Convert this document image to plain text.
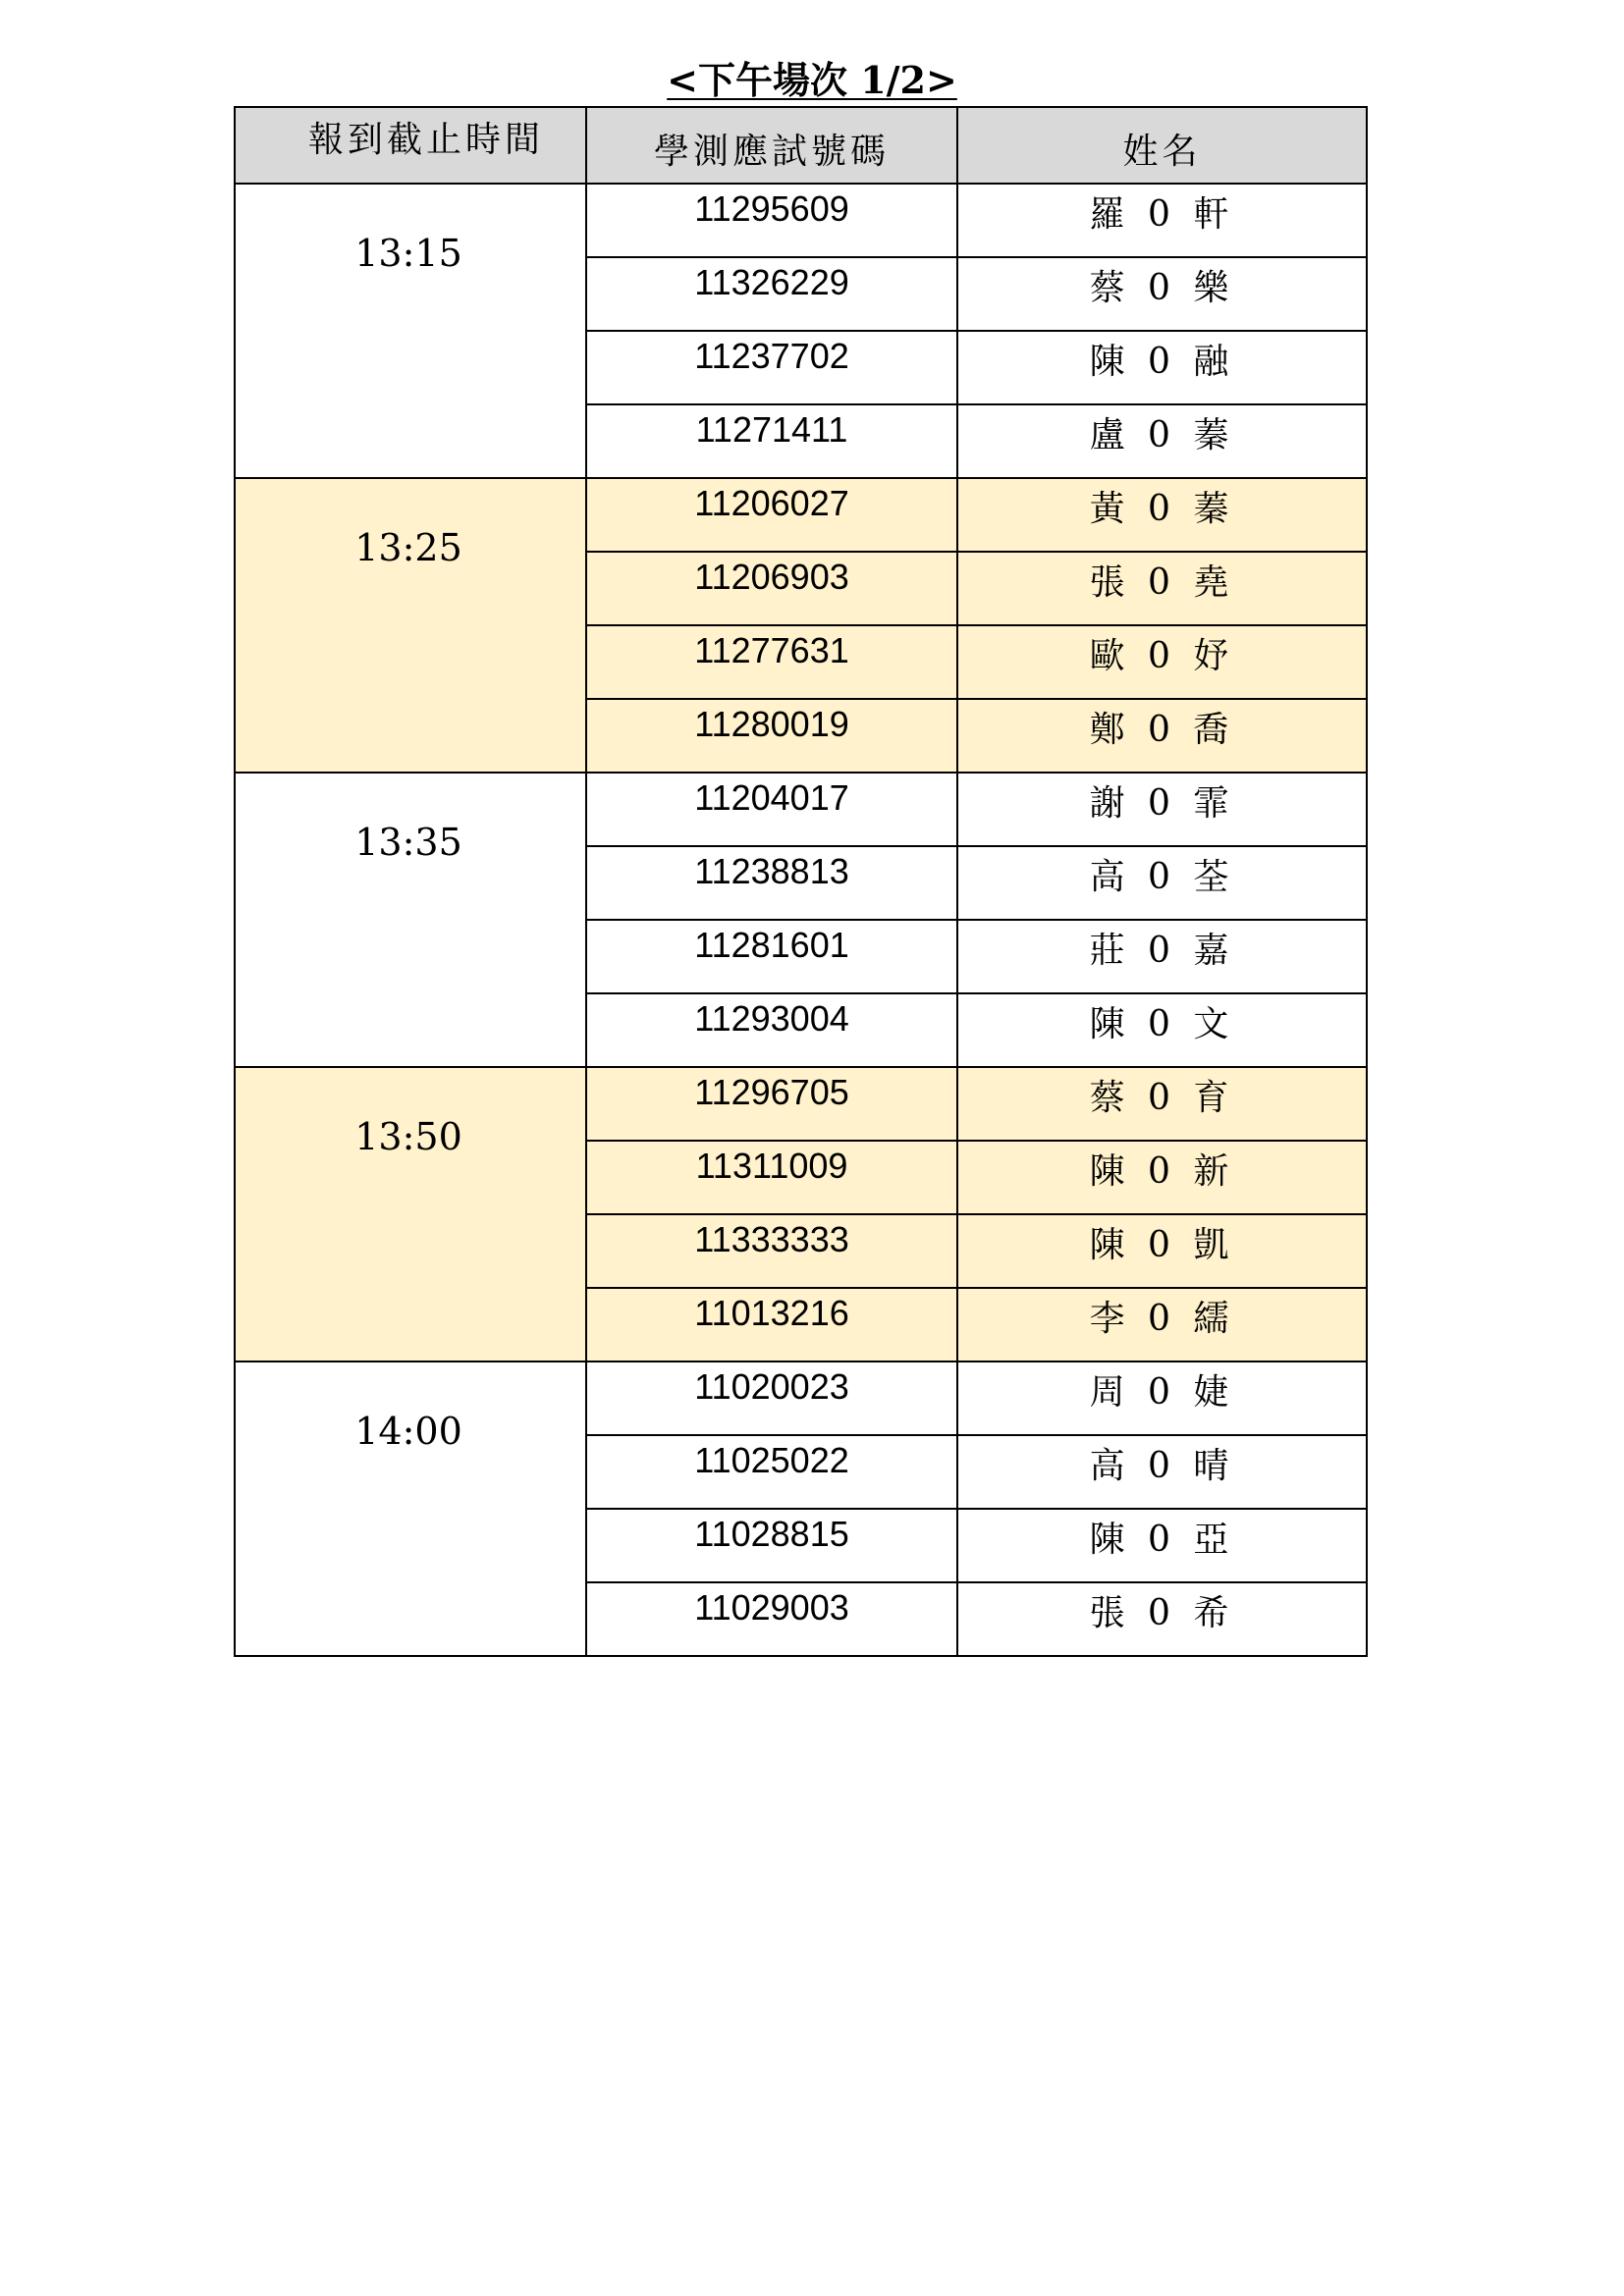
<下午場次 1/2>
報到截止時間	學測應試號碼	姓名
13:15	11295609	羅 0 軒
	11326229	蔡 0 樂
	11237702	陳 0 融
	11271411	盧 0 蓁
13:25	11206027	黃 0 蓁
	11206903	張 0 堯
	11277631	歐 0 妤
	11280019	鄭 0 喬
13:35	11204017	謝 0 霏
	11238813	高 0 荃
	11281601	莊 0 嘉
	11293004	陳 0 文
13:50	11296705	蔡 0 育
	11311009	陳 0 新
	11333333	陳 0 凱
	11013216	李 0 繻
14:00	11020023	周 0 婕
	11025022	高 0 晴
	11028815	陳 0 亞
	11029003	張 0 希
